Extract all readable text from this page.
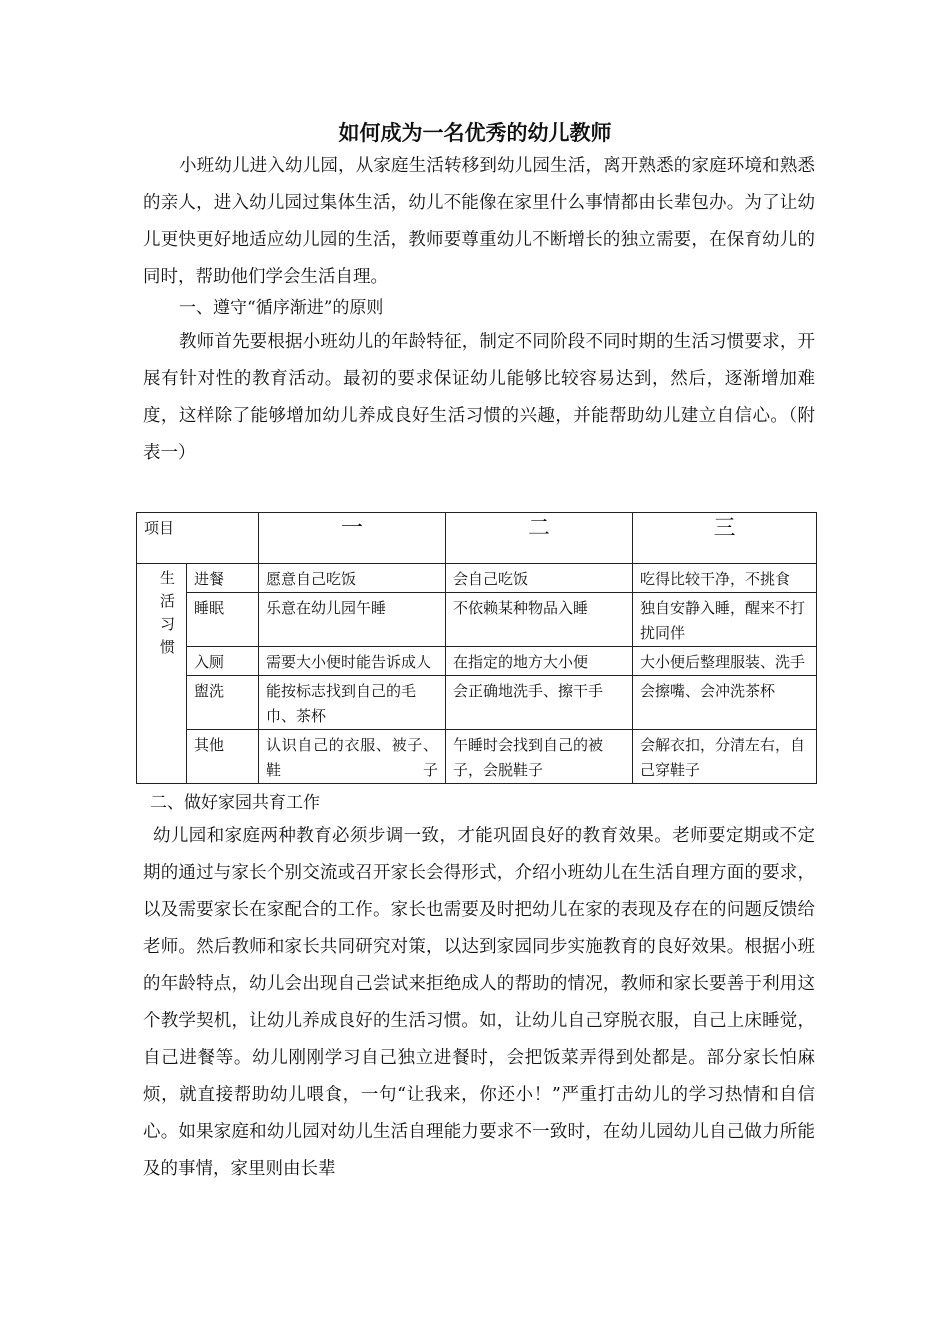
如何成为一名优秀的幼儿教师

小班幼儿进入幼儿园，从家庭生活转移到幼儿园生活，离开熟悉的家庭环境和熟悉的亲人，进入幼儿园过集体生活，幼儿不能像在家里什么事情都由长辈包办。为了让幼儿更快更好地适应幼儿园的生活，教师要尊重幼儿不断增长的独立需要，在保育幼儿的同时，帮助他们学会生活自理。

一、遵守“循序渐进”的原则

教师首先要根据小班幼儿的年龄特征，制定不同阶段不同时期的生活习惯要求，开展有针对性的教育活动。最初的要求保证幼儿能够比较容易达到，然后，逐渐增加难度，这样除了能够增加幼儿养成良好生活习惯的兴趣，并能帮助幼儿建立自信心。（附表一）

项目		一	二	三
生活习惯	进餐	愿意自己吃饭	会自己吃饭	吃得比较干净，不挑食
	睡眠	乐意在幼儿园午睡	不依赖某种物品入睡	独自安静入睡，醒来不打扰同伴
	入厕	需要大小便时能告诉成人	在指定的地方大小便	大小便后整理服装、洗手
	盥洗	能按标志找到自己的毛巾、茶杯	会正确地洗手、擦干手	会擦嘴、会冲洗茶杯
	其他	认识自己的衣服、被子、鞋子	午睡时会找到自己的被子，会脱鞋子	会解衣扣，分清左右，自己穿鞋子
二、做好家园共育工作

幼儿园和家庭两种教育必须步调一致，才能巩固良好的教育效果。老师要定期或不定期的通过与家长个别交流或召开家长会得形式，介绍小班幼儿在生活自理方面的要求，以及需要家长在家配合的工作。家长也需要及时把幼儿在家的表现及存在的问题反馈给老师。然后教师和家长共同研究对策，以达到家园同步实施教育的良好效果。根据小班的年龄特点，幼儿会出现自己尝试来拒绝成人的帮助的情况，教师和家长要善于利用这个教学契机，让幼儿养成良好的生活习惯。如，让幼儿自己穿脱衣服，自己上床睡觉，自己进餐等。幼儿刚刚学习自己独立进餐时，会把饭菜弄得到处都是。部分家长怕麻烦，就直接帮助幼儿喂食，一句“让我来，你还小！”严重打击幼儿的学习热情和自信心。如果家庭和幼儿园对幼儿生活自理能力要求不一致时，在幼儿园幼儿自己做力所能及的事情，家里则由长辈
